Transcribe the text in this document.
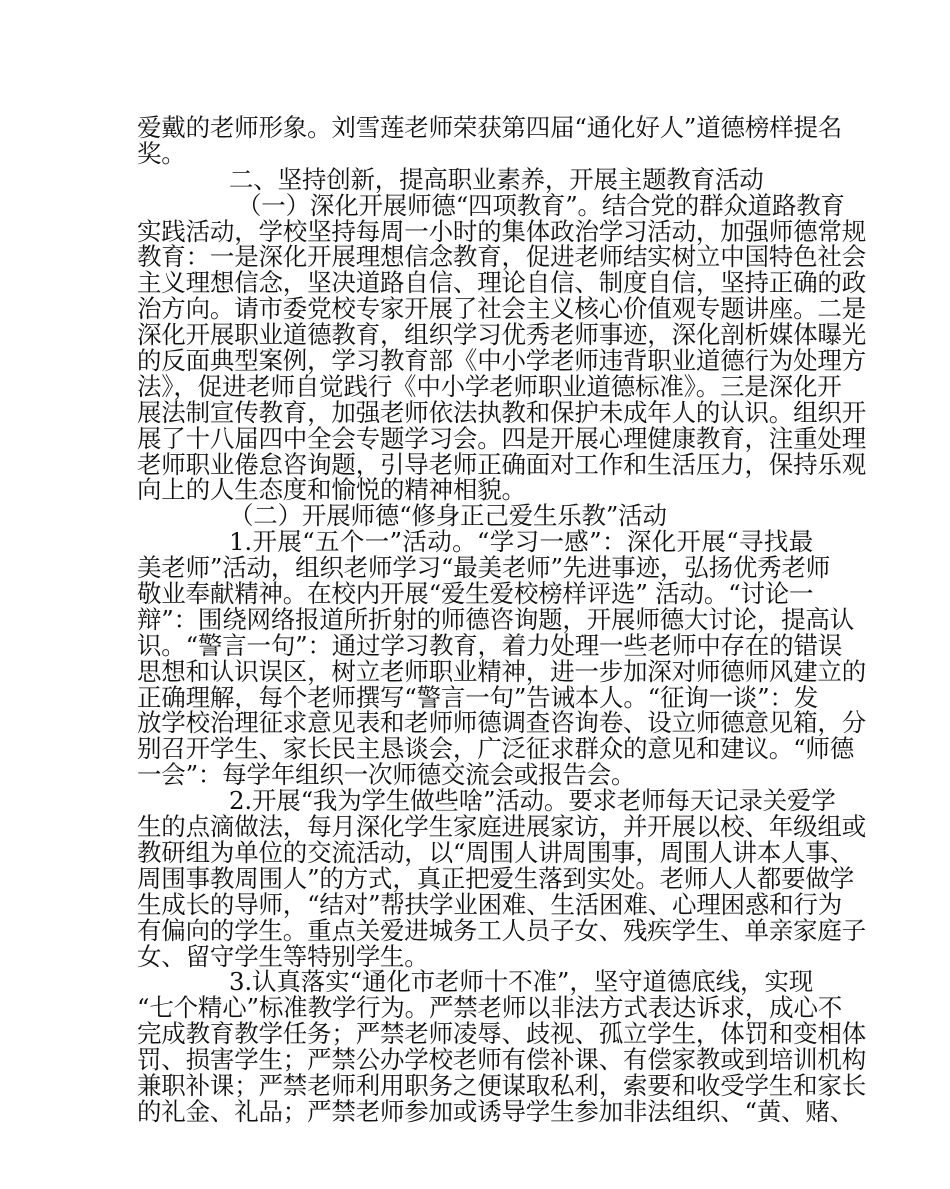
爱戴的老师形象。刘雪莲老师荣获第四届“通化好人”道德榜样提名
奖。
二、坚持创新，提高职业素养，开展主题教育活动
（一）深化开展师德“四项教育”。结合党的群众道路教育
实践活动，学校坚持每周一小时的集体政治学习活动，加强师德常规
教育：一是深化开展理想信念教育，促进老师结实树立中国特色社会
主义理想信念，坚决道路自信、理论自信、制度自信，坚持正确的政
治方向。请市委党校专家开展了社会主义核心价值观专题讲座。二是
深化开展职业道德教育，组织学习优秀老师事迹，深化剖析媒体曝光
的反面典型案例，学习教育部《中小学老师违背职业道德行为处理方
法》，促进老师自觉践行《中小学老师职业道德标准》。三是深化开
展法制宣传教育，加强老师依法执教和保护未成年人的认识。组织开
展了十八届四中全会专题学习会。四是开展心理健康教育，注重处理
老师职业倦怠咨询题，引导老师正确面对工作和生活压力，保持乐观
向上的人生态度和愉悦的精神相貌。
（二）开展师德“修身正己爱生乐教”活动
1.开展“五个一”活动。“学习一感”：深化开展“寻找最
美老师”活动，组织老师学习“最美老师”先进事迹，弘扬优秀老师
敬业奉献精神。在校内开展“爱生爱校榜样评选” 活动。“讨论一
辩”：围绕网络报道所折射的师德咨询题，开展师德大讨论，提高认
识。“警言一句”：通过学习教育，着力处理一些老师中存在的错误
思想和认识误区，树立老师职业精神，进一步加深对师德师风建立的
正确理解，每个老师撰写“警言一句”告诫本人。“征询一谈”：发
放学校治理征求意见表和老师师德调查咨询卷、设立师德意见箱，分
别召开学生、家长民主恳谈会，广泛征求群众的意见和建议。“师德
一会”：每学年组织一次师德交流会或报告会。
2.开展“我为学生做些啥”活动。要求老师每天记录关爱学
生的点滴做法，每月深化学生家庭进展家访，并开展以校、年级组或
教研组为单位的交流活动，以“周围人讲周围事，周围人讲本人事、
周围事教周围人”的方式，真正把爱生落到实处。老师人人都要做学
生成长的导师，“结对”帮扶学业困难、生活困难、心理困惑和行为
有偏向的学生。重点关爱进城务工人员子女、残疾学生、单亲家庭子
女、留守学生等特别学生。
3.认真落实“通化市老师十不准”，坚守道德底线，实现
“七个精心”标准教学行为。严禁老师以非法方式表达诉求，成心不
完成教育教学任务；严禁老师凌辱、歧视、孤立学生，体罚和变相体
罚、损害学生；严禁公办学校老师有偿补课、有偿家教或到培训机构
兼职补课；严禁老师利用职务之便谋取私利，索要和收受学生和家长
的礼金、礼品；严禁老师参加或诱导学生参加非法组织、“黄、赌、
